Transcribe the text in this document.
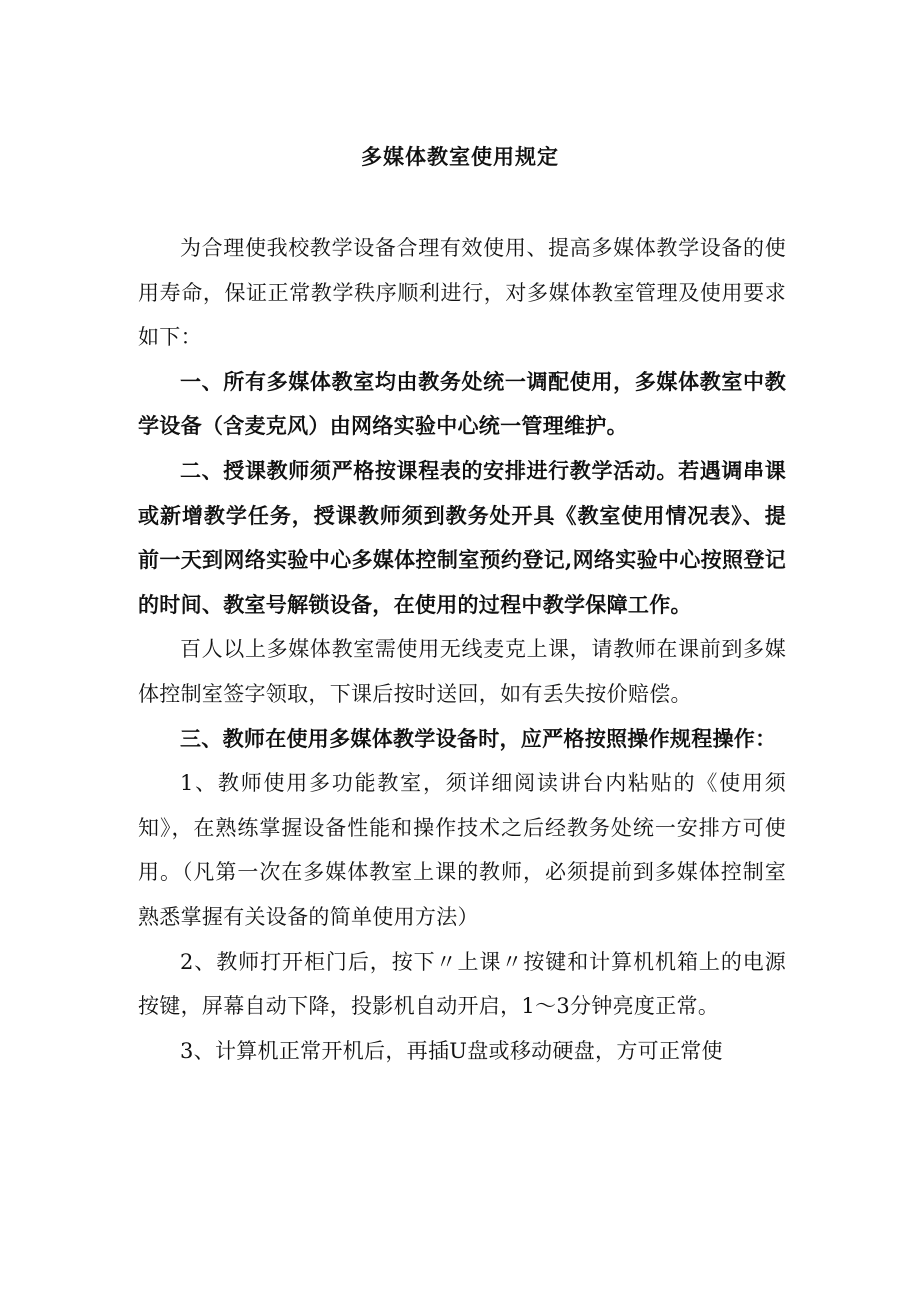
多媒体教室使用规定

为合理使我校教学设备合理有效使用、提高多媒体教学设备的使用寿命，保证正常教学秩序顺利进行，对多媒体教室管理及使用要求如下：

一、所有多媒体教室均由教务处统一调配使用，多媒体教室中教学设备（含麦克风）由网络实验中心统一管理维护。

二、授课教师须严格按课程表的安排进行教学活动。若遇调串课或新增教学任务，授课教师须到教务处开具《教室使用情况表》、提前一天到网络实验中心多媒体控制室预约登记,网络实验中心按照登记的时间、教室号解锁设备，在使用的过程中教学保障工作。

百人以上多媒体教室需使用无线麦克上课，请教师在课前到多媒体控制室签字领取，下课后按时送回，如有丢失按价赔偿。

三、教师在使用多媒体教学设备时，应严格按照操作规程操作：

1、教师使用多功能教室，须详细阅读讲台内粘贴的《使用须知》，在熟练掌握设备性能和操作技术之后经教务处统一安排方可使用。（凡第一次在多媒体教室上课的教师，必须提前到多媒体控制室熟悉掌握有关设备的简单使用方法）

2、教师打开柜门后，按下〃上课〃按键和计算机机箱上的电源按键，屏幕自动下降，投影机自动开启，1～3分钟亮度正常。

3、计算机正常开机后，再插U盘或移动硬盘，方可正常使
